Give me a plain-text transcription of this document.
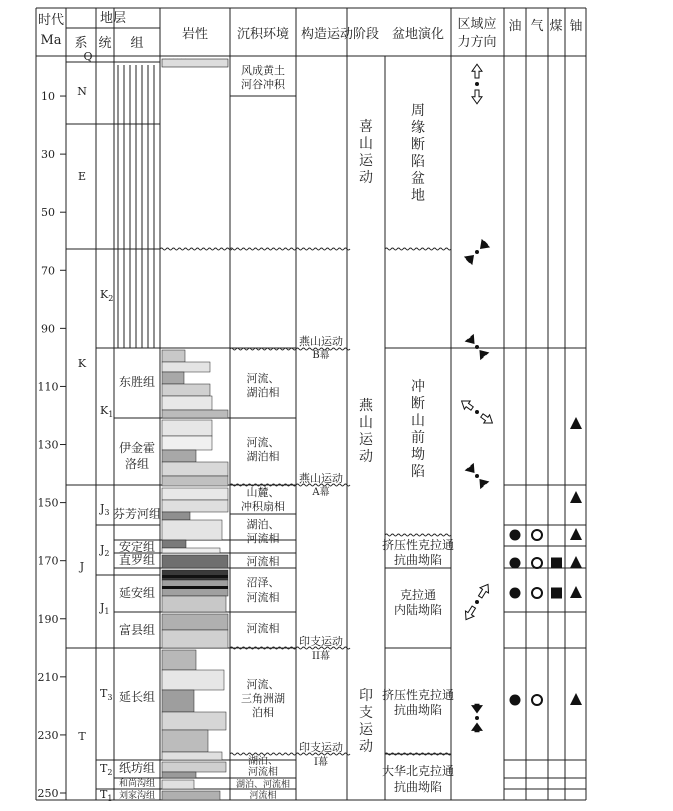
时代
Ma
地层
系 统 组
岩性 沉积环境 构造运动阶段 盆地演化
区域应
力方向
油 气 煤 铀
10
30
50
70
90
110
130
150
170
190
210
230
250
Q
N
E
K
J
T
$K_2$
$K_1$
$J_3$
$J_2$
$J_1$
$T_3$
$T_2$
$T_1$
东胜组
伊金霍
洛组
芬芳河组
安定组
直罗组
延安组
富县组
延长组
纸坊组
和尚沟组
刘家沟组
风成黄土
河谷冲积
河流、
湖泊相
河流、
湖泊相
山麓、
冲积扇相
湖泊、
河流相
河流相
沼泽、
河流相
河流相
河流、
三角洲湖
泊相
湖泊、
河流相
湖泊、河流相
河流相
燕山运动
B幕
燕山运动
A幕
印支运动
II幕
印支运动
I幕
喜
山
运
动
燕
山
运
动
印
支
运
动
周
缘
断
陷
盆
地
冲
断
山
前
坳
陷
挤压性克拉通
抗曲坳陷
克拉通
内陆坳陷
挤压性克拉通
抗曲坳陷
大华北克拉通
抗曲坳陷
